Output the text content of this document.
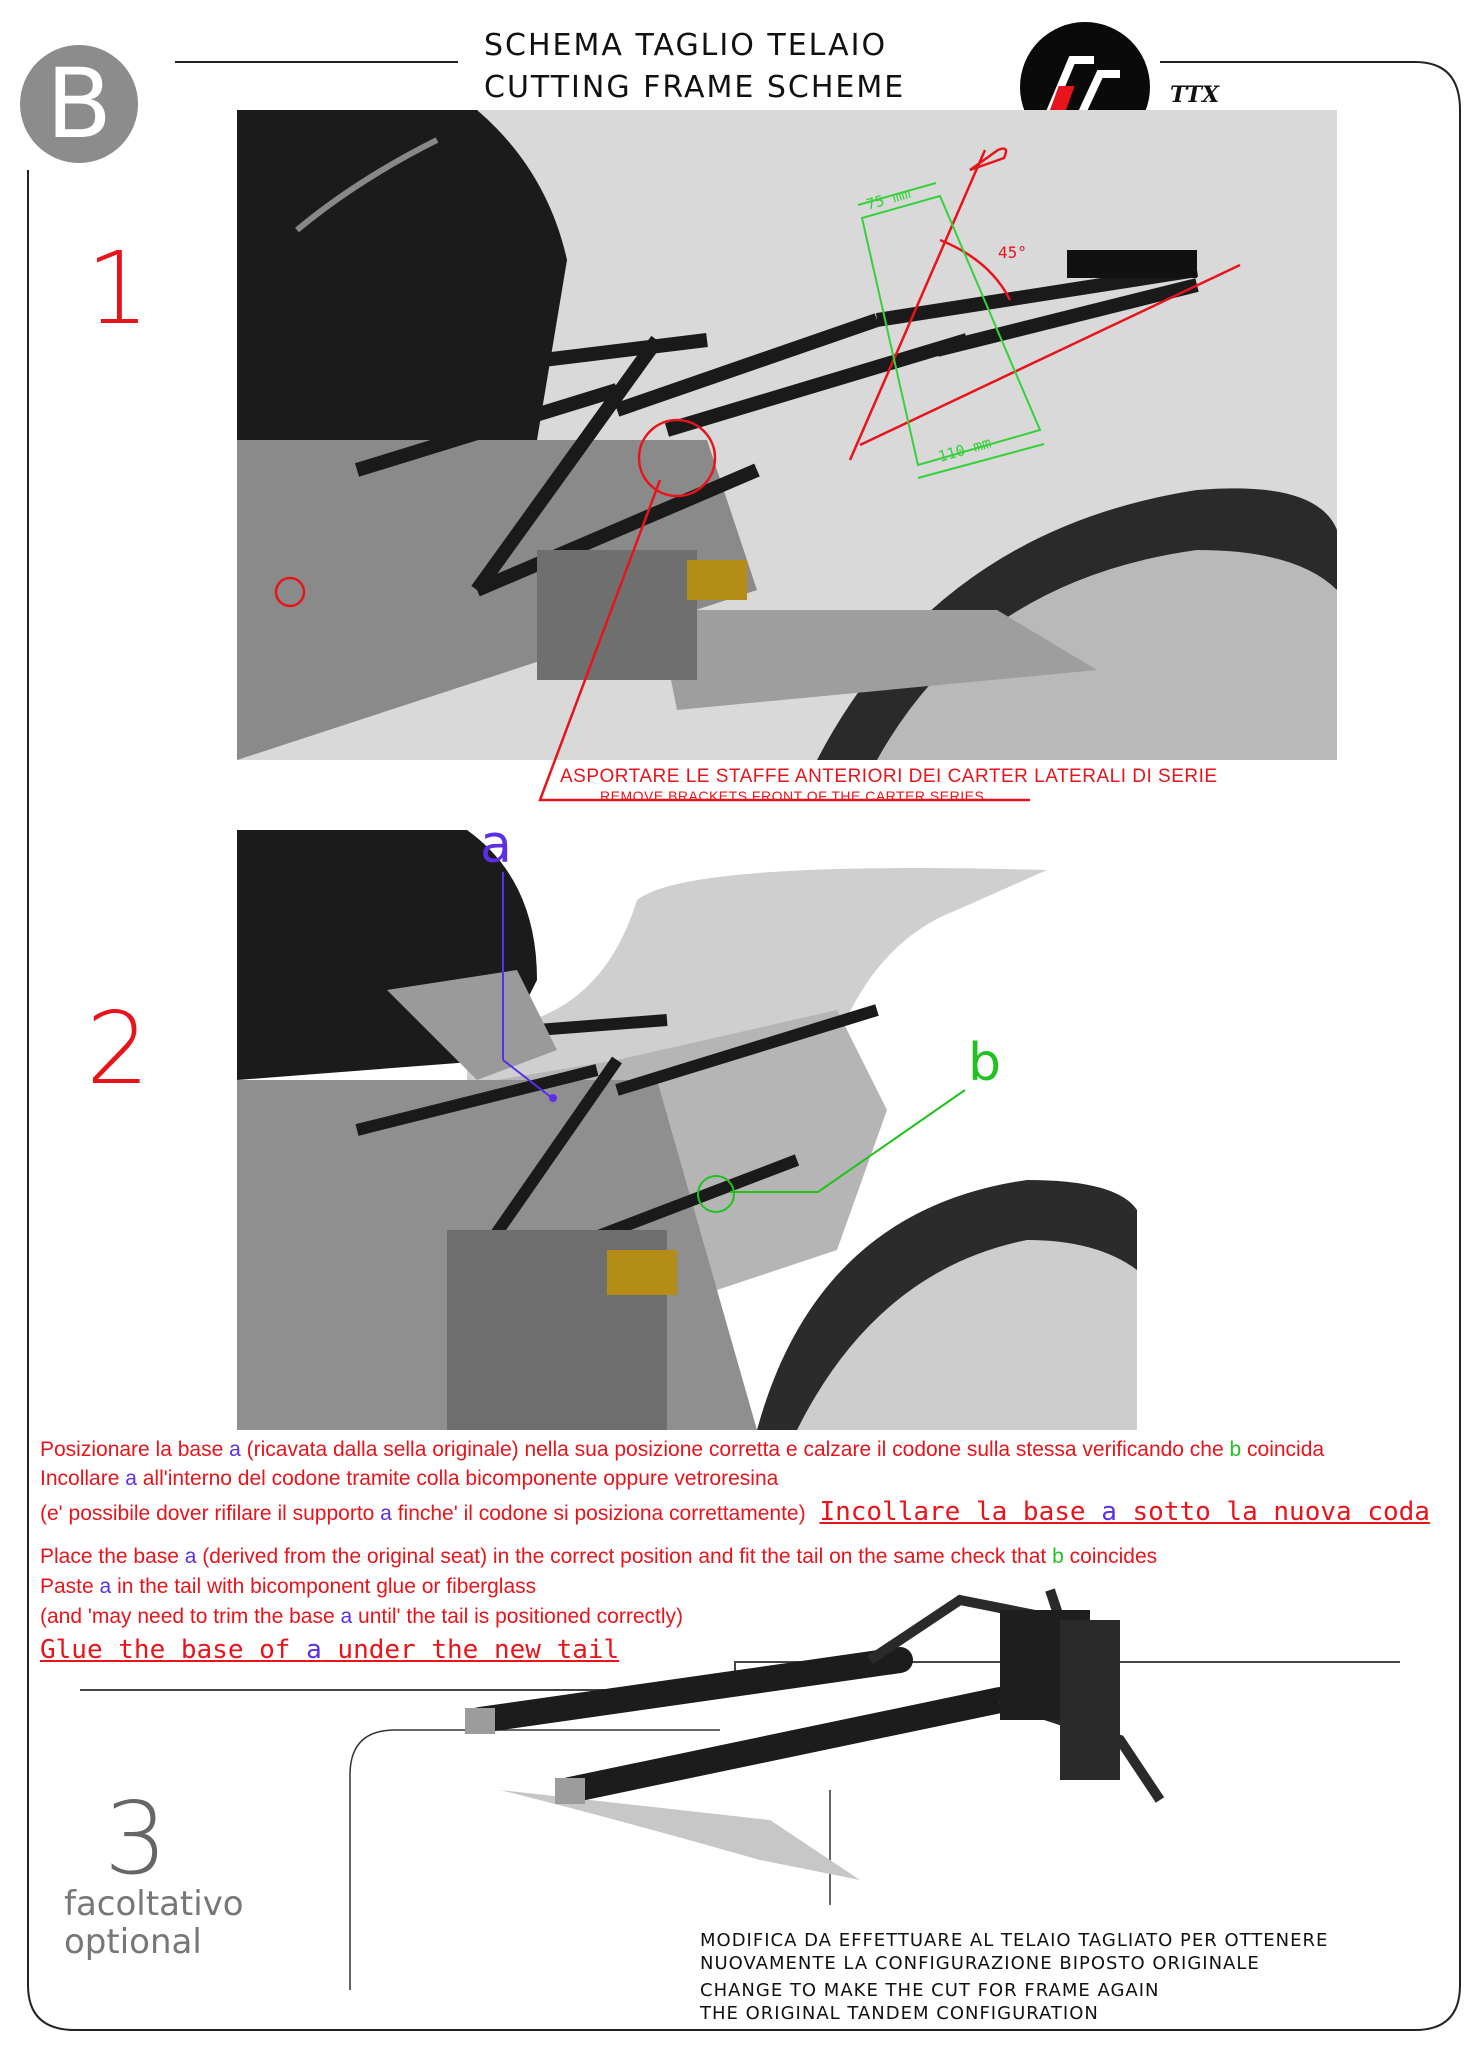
B
SCHEMA TAGLIO TELAIO
CUTTING FRAME SCHEME	TTX
1
75 mm
110 mm
45°
ASPORTARE LE STAFFE ANTERIORI DEI CARTER LATERALI DI SERIE
REMOVE BRACKETS FRONT OF THE CARTER SERIES
2
a
b
Posizionare la base a (ricavata dalla sella originale) nella sua posizione corretta e calzare il codone sulla stessa verificando che b coincida
Incollare a all'interno del codone tramite colla bicomponente oppure vetroresina
(e' possibile dover rifilare il supporto a finche' il codone si posiziona correttamente) Incollare la base a sotto la nuova coda
Place the base a (derived from the original seat) in the correct position and fit the tail on the same check that b coincides
Paste a in the tail with bicomponent glue or fiberglass
(and 'may need to trim the base a until' the tail is positioned correctly)
Glue the base of a under the new tail
3
facoltativo
optional	MODIFICA DA EFFETTUARE AL TELAIO TAGLIATO PER OTTENERE
NUOVAMENTE LA CONFIGURAZIONE BIPOSTO ORIGINALE
CHANGE TO MAKE THE CUT FOR FRAME AGAIN
THE ORIGINAL TANDEM CONFIGURATION
